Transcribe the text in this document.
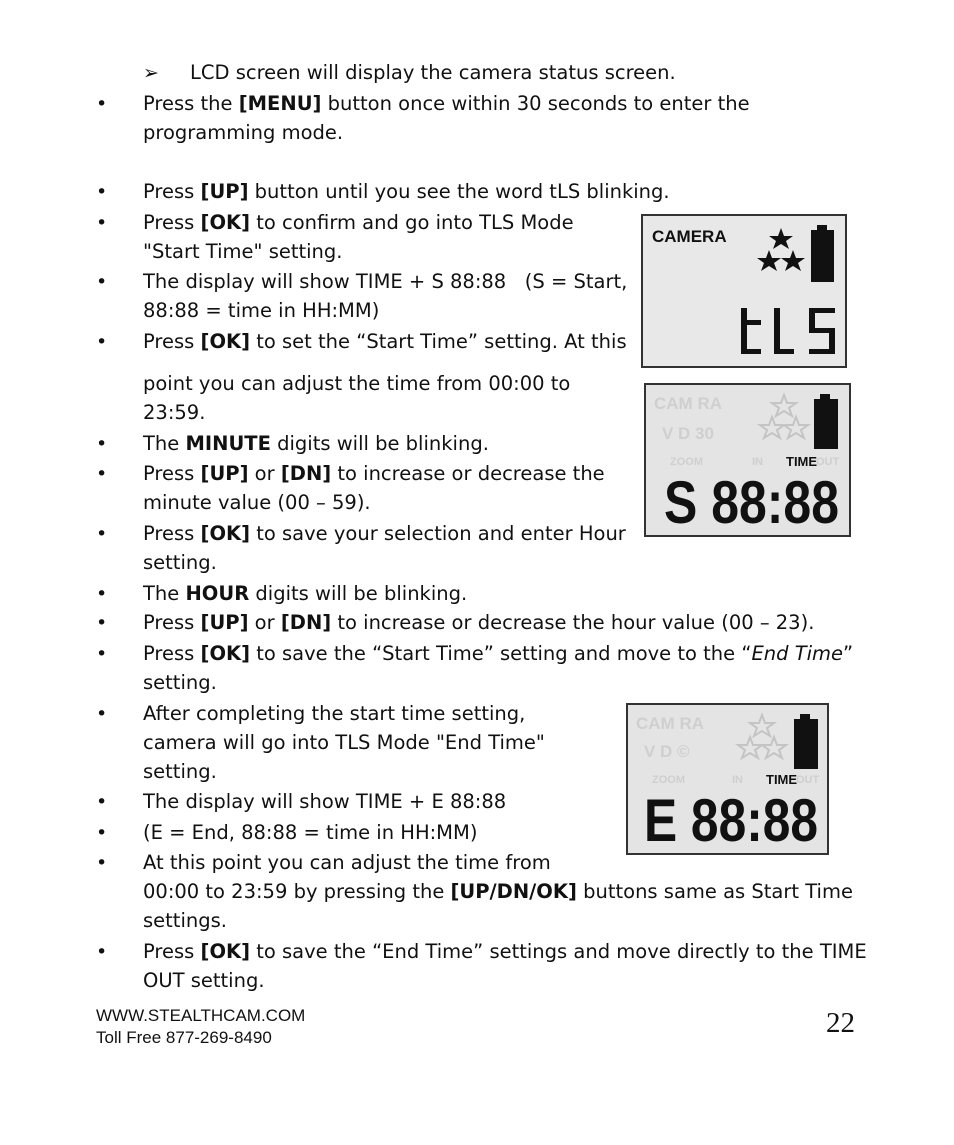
➢ LCD screen will display the camera status screen.
• Press the [MENU] button once within 30 seconds to enter the
programming mode.
• Press [UP] button until you see the word tLS blinking.
• Press [OK] to confirm and go into TLS Mode
"Start Time" setting.
• The display will show TIME + S 88:88   (S = Start,
88:88 = time in HH:MM)
• Press [OK] to set the “Start Time” setting. At this
point you can adjust the time from 00:00 to
23:59.
• The MINUTE digits will be blinking.
• Press [UP] or [DN] to increase or decrease the
minute value (00 – 59).
• Press [OK] to save your selection and enter Hour
setting.
• The HOUR digits will be blinking.
• Press [UP] or [DN] to increase or decrease the hour value (00 – 23).
• Press [OK] to save the “Start Time” setting and move to the “End Time”
setting.
• After completing the start time setting,
camera will go into TLS Mode "End Time"
setting.
• The display will show TIME + E 88:88
• (E = End, 88:88 = time in HH:MM)
• At this point you can adjust the time from
00:00 to 23:59 by pressing the [UP/DN/OK] buttons same as Start Time
settings.
• Press [OK] to save the “End Time” settings and move directly to the TIME
OUT setting.
CAMERA
CAM RA
V D 30
ZOOM	IN	OUT
TIME
S 88:88
CAM RA
V D ©
ZOOM	IN	OUT
TIME
E 88:88
WWW.STEALTHCAM.COM
Toll Free 877-269-8490	22
